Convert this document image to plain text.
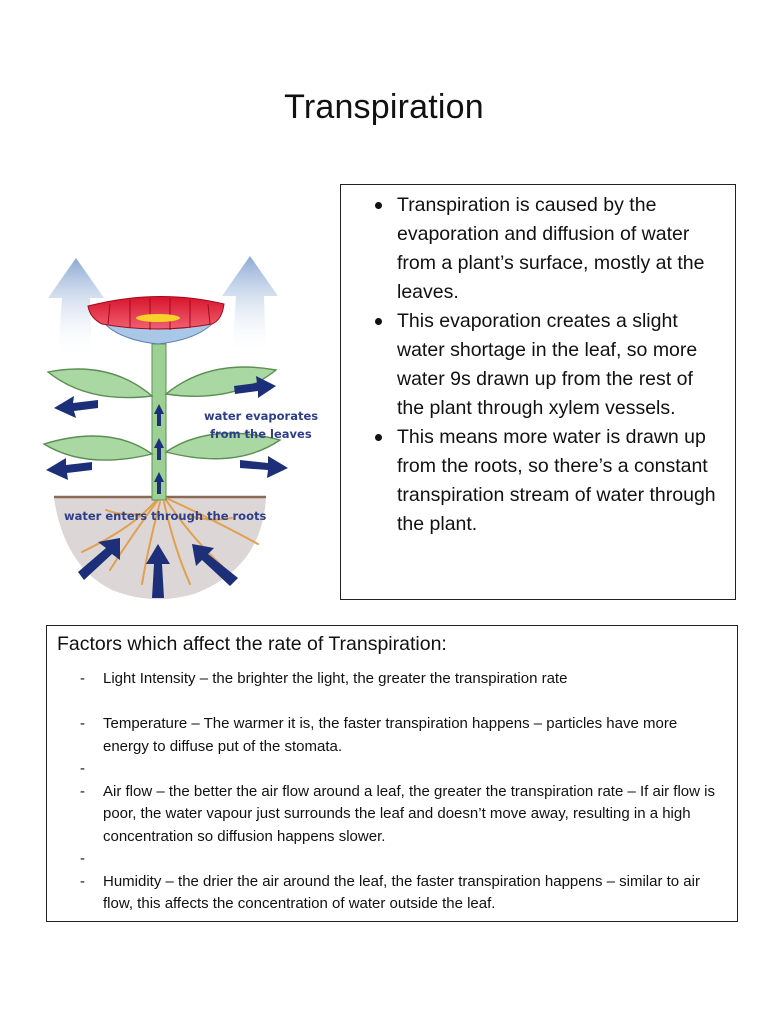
Transpiration
water evaporates
from the leaves
water enters through the roots
Transpiration is caused by the evaporation and diffusion of water from a plant’s surface, mostly at the leaves.
This evaporation creates a slight water shortage in the leaf, so more water 9s drawn up from the rest of the plant through xylem vessels.
This means more water is drawn up from the roots, so there’s a constant transpiration stream of water through the plant.
Factors which affect the rate of Transpiration:
- Light Intensity – the brighter the light, the greater the transpiration rate
- Temperature – The warmer it is, the faster transpiration happens – particles have more energy to diffuse put of the stomata.
-
- Air flow – the better the air flow around a leaf, the greater the transpiration rate – If air flow is poor, the water vapour just surrounds the leaf and doesn’t move away, resulting in a high concentration so diffusion happens slower.
-
- Humidity – the drier the air around the leaf, the faster transpiration happens – similar to air flow, this affects the concentration of water outside the leaf.
